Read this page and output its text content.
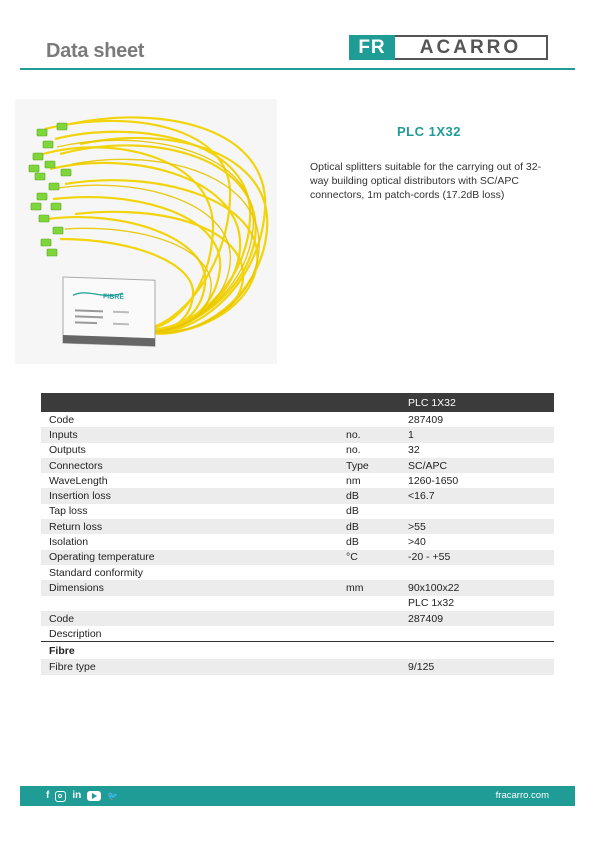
Data sheet	FR	ACARRO
FIBRE
PLC 1X32
Optical splitters suitable for the carrying out of 32-way building optical distributors with SC/APC connectors, 1m patch-cords (17.2dB loss)
		PLC 1X32
Code		287409
Inputs	no.	1
Outputs	no.	32
Connectors	Type	SC/APC
WaveLength	nm	1260-1650
Insertion loss	dB	<16.7
Tap loss	dB	
Return loss	dB	>55
Isolation	dB	>40
Operating temperature	°C	-20 - +55
Standard conformity		
Dimensions	mm	90x100x22
		PLC 1x32
Code		287409
Description		
Fibre		
Fibre type		9/125
f in	🐦	fracarro.com
